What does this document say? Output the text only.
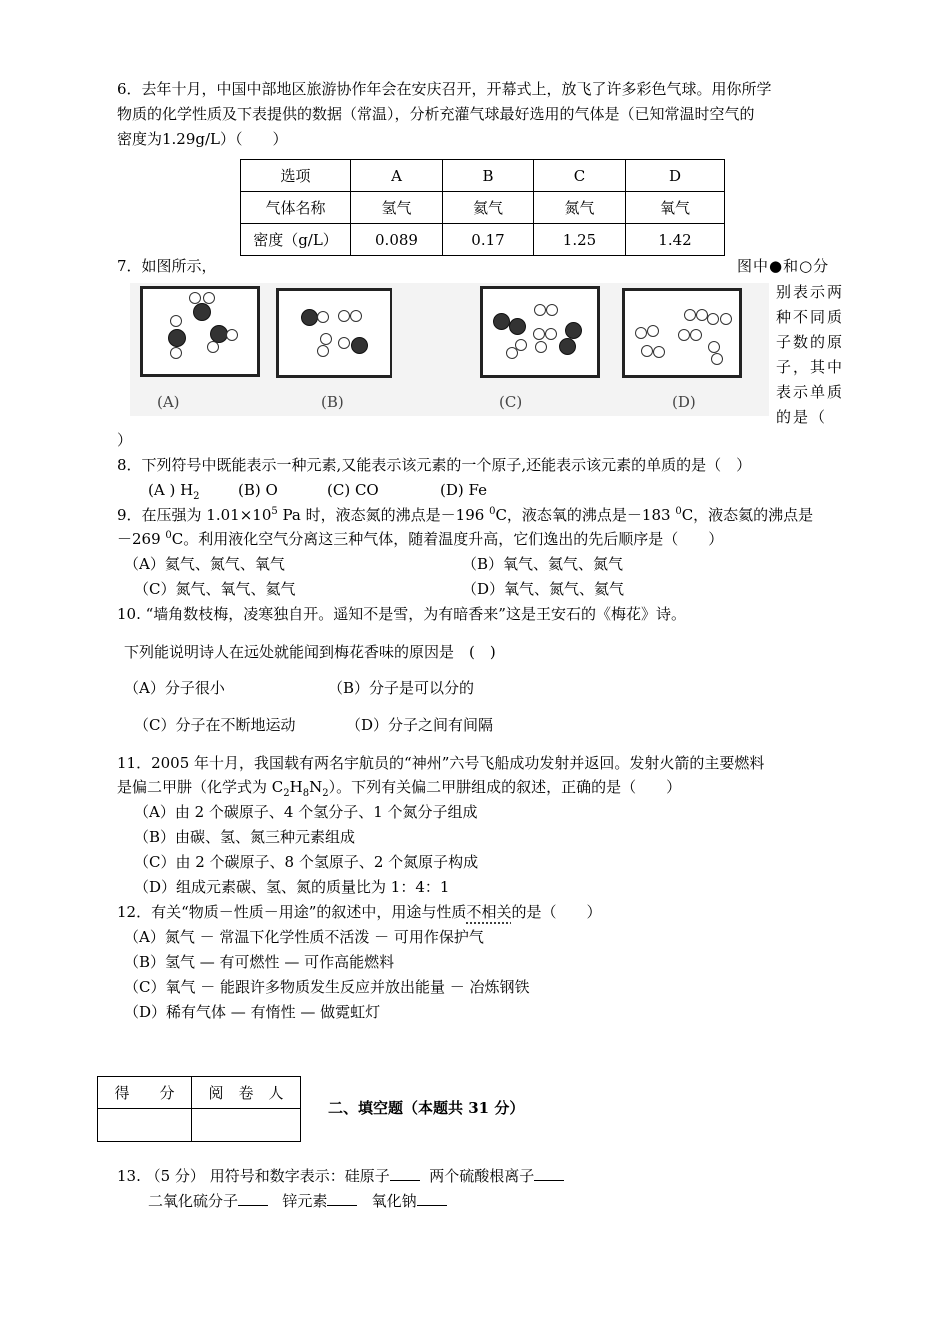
6．去年十月，中国中部地区旅游协作年会在安庆召开，开幕式上，放飞了许多彩色气球。用你所学
物质的化学性质及下表提供的数据（常温），分析充灌气球最好选用的气体是（已知常温时空气的
密度为1.29g/L）（　　）
选项	A	B	C	D
气体名称	氢气	氦气	氮气	氧气
密度（g/L）	0.089	0.17	1.25	1.42
7．如图所示，	图中●和○分
别表示两种不同质子数的原子，其中表示单质的是（
）
(A)	(B)	(C)	(D)
8．下列符号中既能表示一种元素,又能表示该元素的一个原子,还能表示该元素的单质的是（　）
(A ) $H_2$	(B) O	(C) CO	(D) Fe
9．在压强为 $1.01\times 10^5$ Pa 时，液态氮的沸点是－196 $^0$C，液态氧的沸点是－183 $^0$C，液态氦的沸点是
－269 $^0$C。利用液化空气分离这三种气体，随着温度升高，它们逸出的先后顺序是（　　）
（A）氦气、氮气、氧气	（B）氧气、氦气、氮气
（C）氮气、氧气、氦气	（D）氧气、氮气、氦气
10. “墙角数枝梅，凌寒独自开。遥知不是雪，为有暗香来”这是王安石的《梅花》诗。
下列能说明诗人在远处就能闻到梅花香味的原因是　(　)
（A）分子很小	（B）分子是可以分的
（C）分子在不断地运动	（D）分子之间有间隔
11．2005 年十月，我国载有两名宇航员的“神州”六号飞船成功发射并返回。发射火箭的主要燃料
是偏二甲肼（化学式为 $C_2H_8N_2$）。下列有关偏二甲肼组成的叙述，正确的是（　　）
（A）由 2 个碳原子、4 个氢分子、1 个氮分子组成
（B）由碳、氢、氮三种元素组成
（C）由 2 个碳原子、8 个氢原子、2 个氮原子构成
（D）组成元素碳、氢、氮的质量比为 1：4：1
12．有关“物质－性质－用途”的叙述中，用途与性质不相关的是（　　）
（A）氮气 － 常温下化学性质不活泼 － 可用作保护气
（B）氢气 — 有可燃性 — 可作高能燃料
（C）氧气 － 能跟许多物质发生反应并放出能量 － 冶炼钢铁
（D）稀有气体 — 有惰性 — 做霓虹灯
得　　分	阅　卷　人

二、填空题（本题共 31 分）
13. （5 分） 用符号和数字表示：硅原子	两个硫酸根离子
二氧化硫分子	锌元素	氧化钠
